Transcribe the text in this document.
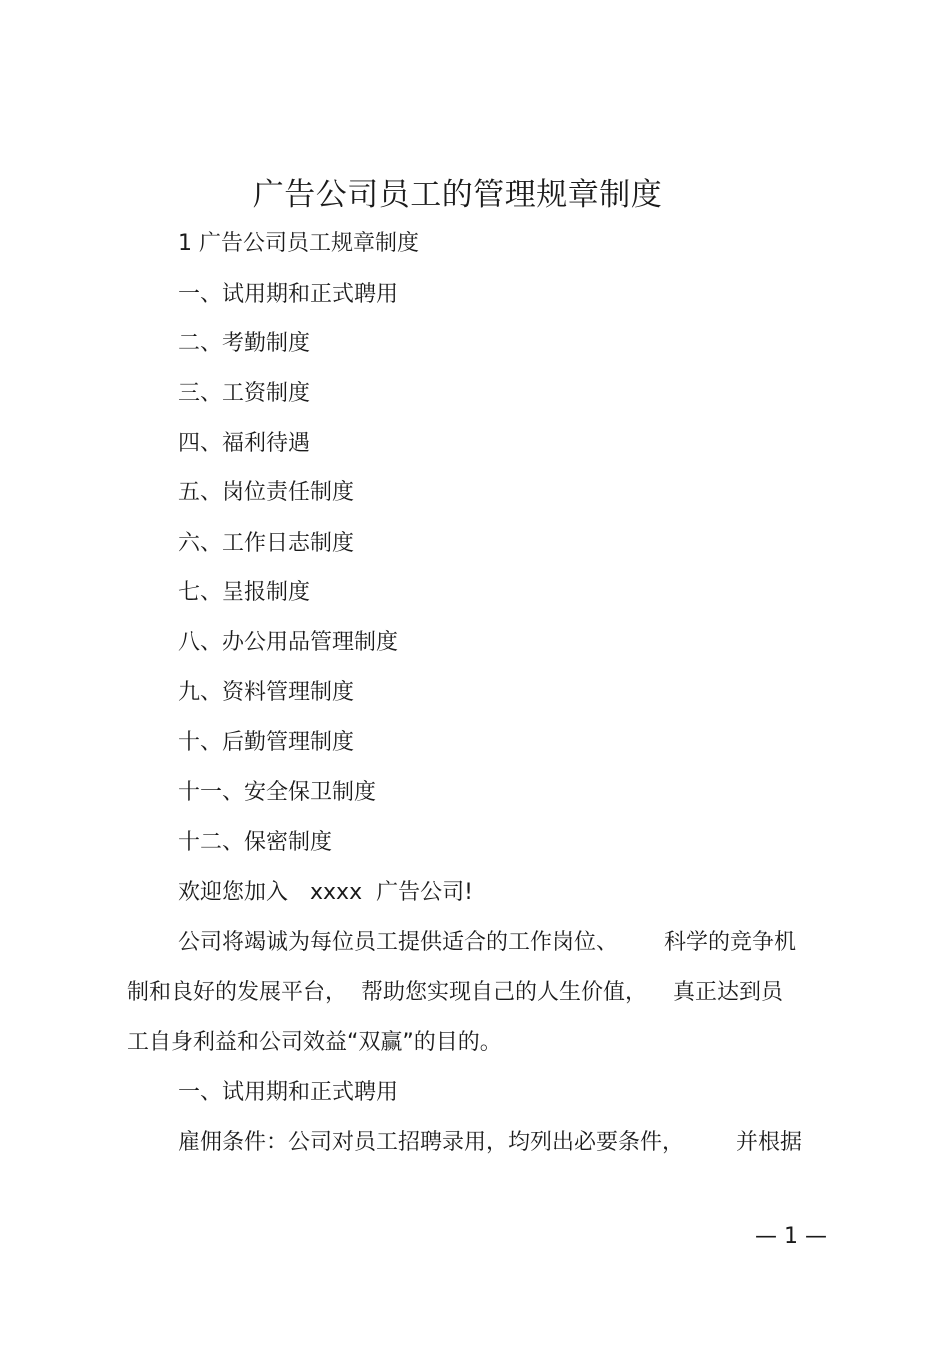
广告公司员工的管理规章制度
1 广告公司员工规章制度
一、试用期和正式聘用
二、考勤制度
三、工资制度
四、福利待遇
五、岗位责任制度
六、工作日志制度
七、呈报制度
八、办公用品管理制度
九、资料管理制度
十、后勤管理制度
十一、安全保卫制度
十二、保密制度
欢迎您加入 xxxx 广告公司!
公司将竭诚为每位员工提供适合的工作岗位、 科学的竞争机
制和良好的发展平台， 帮助您实现自己的人生价值， 真正达到员
工自身利益和公司效益“双赢”的目的。
一、试用期和正式聘用
雇佣条件：公司对员工招聘录用，均列出必要条件， 并根据
— 1 —
